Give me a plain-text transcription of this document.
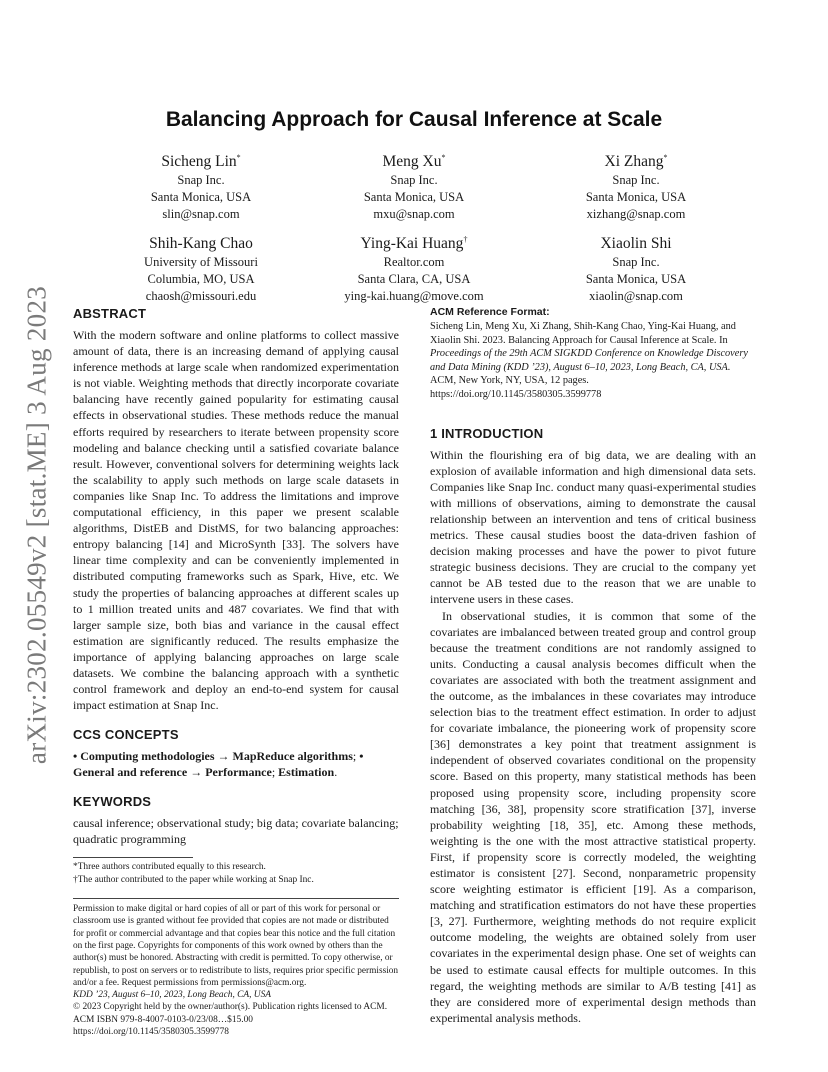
arXiv:2302.05549v2 [stat.ME] 3 Aug 2023
Balancing Approach for Causal Inference at Scale
Sicheng Lin*
Snap Inc.
Santa Monica, USA
slin@snap.com
Meng Xu*
Snap Inc.
Santa Monica, USA
mxu@snap.com
Xi Zhang*
Snap Inc.
Santa Monica, USA
xizhang@snap.com
Shih-Kang Chao
University of Missouri
Columbia, MO, USA
chaosh@missouri.edu
Ying-Kai Huang†
Realtor.com
Santa Clara, CA, USA
ying-kai.huang@move.com
Xiaolin Shi
Snap Inc.
Santa Monica, USA
xiaolin@snap.com
ABSTRACT

With the modern software and online platforms to collect massive amount of data, there is an increasing demand of applying causal inference methods at large scale when randomized experimentation is not viable. Weighting methods that directly incorporate covariate balancing have recently gained popularity for estimating causal effects in observational studies. These methods reduce the manual efforts required by researchers to iterate between propensity score modeling and balance checking until a satisfied covariate balance result. However, conventional solvers for determining weights lack the scalability to apply such methods on large scale datasets in companies like Snap Inc. To address the limitations and improve computational efficiency, in this paper we present scalable algorithms, DistEB and DistMS, for two balancing approaches: entropy balancing [14] and MicroSynth [33]. The solvers have linear time complexity and can be conveniently implemented in distributed computing frameworks such as Spark, Hive, etc. We study the properties of balancing approaches at different scales up to 1 million treated units and 487 covariates. We find that with larger sample size, both bias and variance in the causal effect estimation are significantly reduced. The results emphasize the importance of applying balancing approaches on large scale datasets. We combine the balancing approach with a synthetic control framework and deploy an end-to-end system for causal impact estimation at Snap Inc.

CCS CONCEPTS

• Computing methodologies → MapReduce algorithms; • General and reference → Performance; Estimation.

KEYWORDS

causal inference; observational study; big data; covariate balancing; quadratic programming

*Three authors contributed equally to this research.

†The author contributed to the paper while working at Snap Inc.

Permission to make digital or hard copies of all or part of this work for personal or classroom use is granted without fee provided that copies are not made or distributed for profit or commercial advantage and that copies bear this notice and the full citation on the first page. Copyrights for components of this work owned by others than the author(s) must be honored. Abstracting with credit is permitted. To copy otherwise, or republish, to post on servers or to redistribute to lists, requires prior specific permission and/or a fee. Request permissions from permissions@acm.org.

KDD ’23, August 6–10, 2023, Long Beach, CA, USA

© 2023 Copyright held by the owner/author(s). Publication rights licensed to ACM.

ACM ISBN 979-8-4007-0103-0/23/08…$15.00

https://doi.org/10.1145/3580305.3599778

ACM Reference Format:

Sicheng Lin, Meng Xu, Xi Zhang, Shih-Kang Chao, Ying-Kai Huang, and Xiaolin Shi. 2023. Balancing Approach for Causal Inference at Scale. In Proceedings of the 29th ACM SIGKDD Conference on Knowledge Discovery and Data Mining (KDD ’23), August 6–10, 2023, Long Beach, CA, USA. ACM, New York, NY, USA, 12 pages. https://doi.org/10.1145/3580305.3599778

1 INTRODUCTION

Within the flourishing era of big data, we are dealing with an explosion of available information and high dimensional data sets. Companies like Snap Inc. conduct many quasi-experimental studies with millions of observations, aiming to demonstrate the causal relationship between an intervention and tens of critical business metrics. These causal studies boost the data-driven fashion of decision making processes and have the power to pivot future strategic business decisions. They are crucial to the company yet cannot be AB tested due to the reason that we are unable to intervene users in these cases.

In observational studies, it is common that some of the covariates are imbalanced between treated group and control group because the treatment conditions are not randomly assigned to units. Conducting a causal analysis becomes difficult when the covariates are associated with both the treatment assignment and the outcome, as the imbalances in these covariates may introduce selection bias to the treatment effect estimation. In order to adjust for covariate imbalance, the pioneering work of propensity score [36] demonstrates a key point that treatment assignment is independent of observed covariates conditional on the propensity score. Based on this property, many statistical methods has been proposed using propensity score, including propensity score matching [36, 38], propensity score stratification [37], inverse probability weighting [18, 35], etc. Among these methods, weighting is the one with the most attractive statistical property. First, if propensity score is correctly modeled, the weighting estimator is consistent [27]. Second, nonparametric propensity score weighting estimator is efficient [19]. As a comparison, matching and stratification estimators do not have these properties [3, 27]. Furthermore, weighting methods do not require explicit outcome modeling, the weights are obtained solely from user covariates in the experimental design phase. One set of weights can be used to estimate causal effects for multiple outcomes. In this regard, the weighting methods are similar to A/B testing [41] as they are considered more of experimental design methods than experimental analysis methods.
